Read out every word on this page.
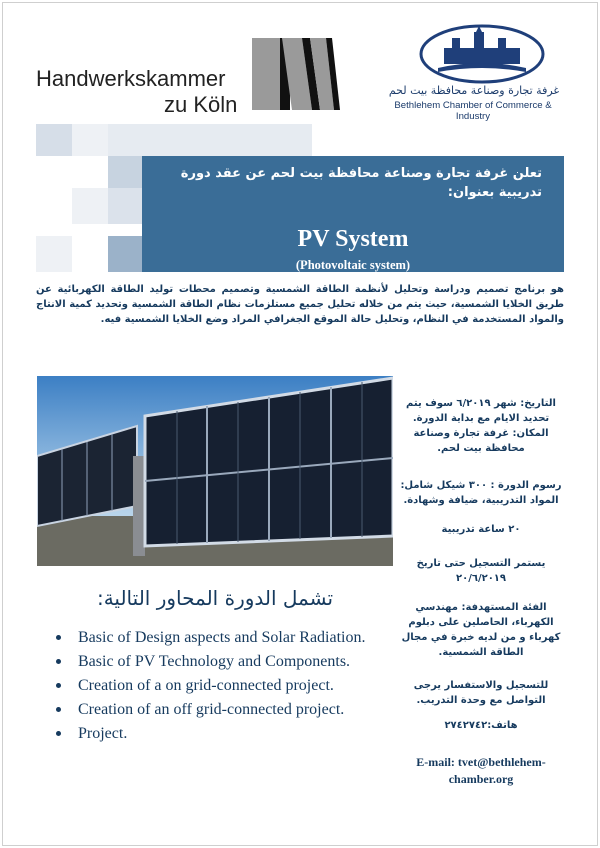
Handwerkskammer
zu Köln
غرفة تجارة وصناعة محافظة بيت لحم
Bethlehem Chamber of Commerce & Industry
تعلن غرفة تجارة وصناعة محافظة بيت لحم عن عقد دورة تدريبية بعنوان:
PV System
(Photovoltaic system)
هو برنامج تصميم ودراسة وتحليل لأنظمة الطاقة الشمسية وتصميم محطات توليد الطاقة الكهربائية عن طريق الخلايا الشمسية، حيث يتم من خلاله تحليل جميع مستلزمات نظام الطاقة الشمسية وتحديد كمية الانتاج والمواد المستخدمة في النظام، وتحليل حالة الموقع الجغرافي المراد وضع الخلايا الشمسية فيه.
التاريخ: شهر ٦/٢٠١٩ سوف يتم تحديد الايام مع بداية الدورة.
المكان: غرفة تجارة وصناعة محافظة بيت لحم.
رسوم الدورة : ٣٠٠ شيكل شامل: المواد التدريبية، ضيافة وشهادة.
٢٠ ساعة تدريبية
يستمر التسجيل حتى تاريخ ٢٠/٦/٢٠١٩
الفئة المستهدفة: مهندسي الكهرباء، الحاصلين على دبلوم كهرباء و من لديه خبرة في مجال الطاقة الشمسية.
للتسجيل والاستفسار يرجى التواصل مع وحدة التدريب.
هاتف:٢٧٤٢٧٤٢
E-mail: tvet@bethlehem-
chamber.org
تشمل الدورة المحاور التالية:
Basic of Design aspects and Solar Radiation.
Basic of PV Technology and Components.
Creation of a on grid-connected project.
Creation of an off grid-connected project.
Project.
